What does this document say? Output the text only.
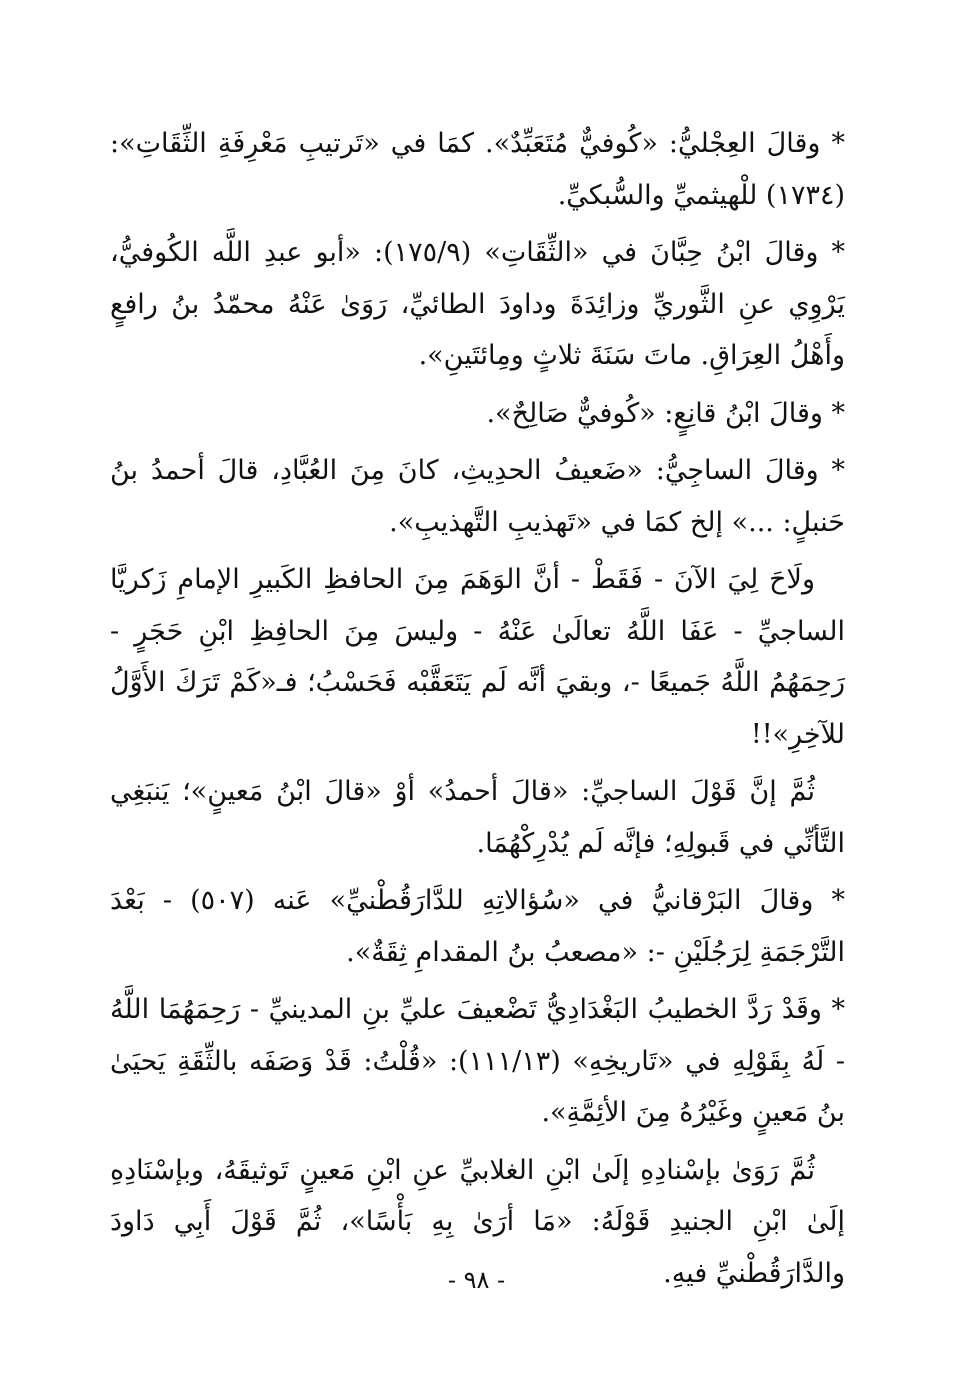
* وقالَ العِجْليُّ: «كُوفيٌّ مُتَعَبِّدٌ». كمَا في «تَرتيبِ مَعْرِفَةِ الثِّقَاتِ»: (١٧٣٤) للْهيثميِّ والسُّبكيِّ.

* وقالَ ابْنُ حِبَّانَ في «الثِّقَاتِ» (١٧٥/٩): «أبو عبدِ اللَّه الكُوفيُّ، يَرْوِي عنِ الثَّوريِّ وزائِدَةَ وداودَ الطائيِّ، رَوَىٰ عَنْهُ محمّدُ بنُ رافعٍ وأَهْلُ العِرَاقِ. ماتَ سَنَةَ ثلاثٍ ومِائتَينِ».

* وقالَ ابْنُ قانِعٍ: «كُوفيٌّ صَالِحٌ».

* وقالَ الساجِيُّ: «ضَعيفُ الحدِيثِ، كانَ مِنَ العُبَّادِ، قالَ أحمدُ بنُ حَنبلٍ: ...» إلخ كمَا في «تَهذيبِ التَّهذيبِ».

ولَاحَ لِيَ الآنَ - فَقَطْ - أنَّ الوَهَمَ مِنَ الحافظِ الكَبيرِ الإمامِ زَكريَّا الساجيِّ - عَفَا اللَّهُ تعالَىٰ عَنْهُ - وليسَ مِنَ الحافِظِ ابْنِ حَجَرٍ - رَحِمَهُمُ اللَّهُ جَميعًا -، وبقيَ أنَّه لَم يَتَعَقَّبْه فَحَسْبُ؛ فـ«كَمْ تَرَكَ الأَوَّلُ للآخِرِ»!!

ثُمَّ إنَّ قَوْلَ الساجيِّ: «قالَ أحمدُ» أوْ «قالَ ابْنُ مَعينٍ»؛ يَنبَغِي التَّأنِّي في قَبولِهِ؛ فإنَّه لَم يُدْرِكْهُمَا.

* وقالَ البَرْقانيُّ في «سُؤالاتِهِ للدَّارَقُطْنيِّ» عَنه (٥٠٧) - بَعْدَ التَّرْجَمَةِ لِرَجُلَيْنِ -: «مصعبُ بنُ المقدامِ ثِقَةٌ».

* وقَدْ رَدَّ الخطيبُ البَغْدَادِيُّ تَضْعيفَ عليِّ بنِ المدينيِّ - رَحِمَهُمَا اللَّهُ - لَهُ بِقَوْلِهِ في «تَاريخِهِ» (١١١/١٣): «قُلْتُ: قَدْ وَصَفَه بالثِّقَةِ يَحيَىٰ بنُ مَعينٍ وغَيْرُهُ مِنَ الأئِمَّةِ».

ثُمَّ رَوَىٰ بإسْنادِهِ إلَىٰ ابْنِ الغلابيِّ عنِ ابْنِ مَعينٍ تَوثيقَهُ، وبإسْنَادِهِ إلَىٰ ابْنِ الجنيدِ قَوْلَهُ: «مَا أرَىٰ بِهِ بَأْسًا»، ثُمَّ قَوْلَ أَبِي دَاودَ والدَّارَقُطْنيِّ فيهِ.

- ٩٨ -
